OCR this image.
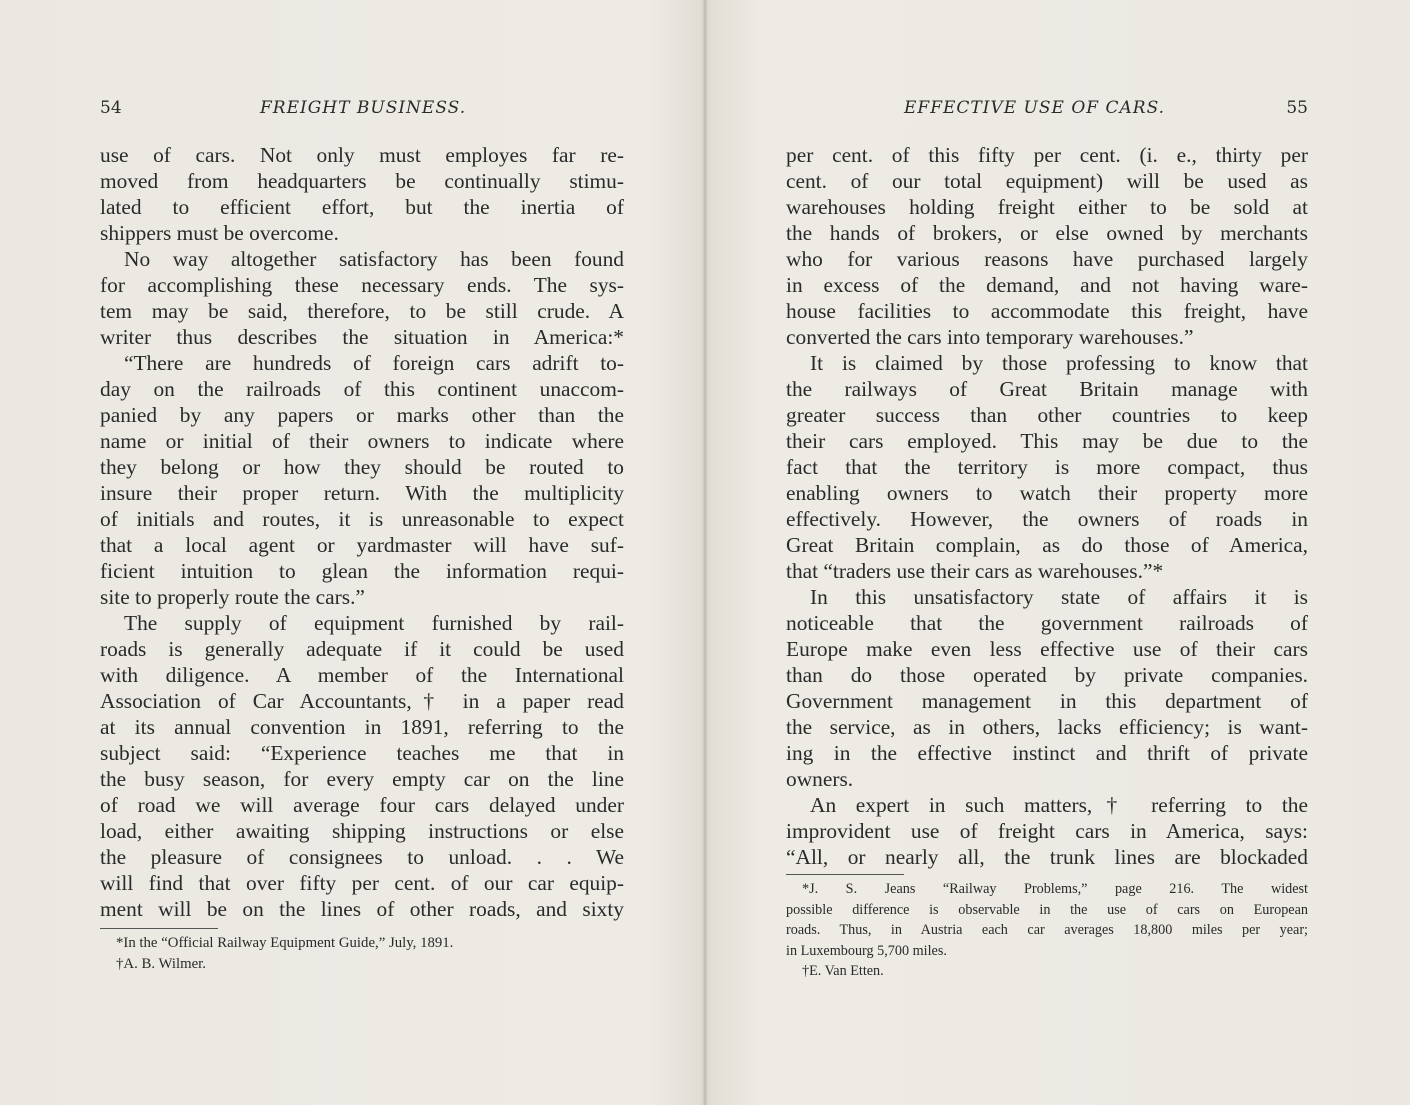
54	FREIGHT BUSINESS.
use of cars. Not only must employes far re-
moved from headquarters be continually stimu-
lated to efficient effort, but the inertia of
shippers must be overcome.
No way altogether satisfactory has been found
for accomplishing these necessary ends. The sys-
tem may be said, therefore, to be still crude. A
writer thus describes the situation in America:*
“There are hundreds of foreign cars adrift to-
day on the railroads of this continent unaccom-
panied by any papers or marks other than the
name or initial of their owners to indicate where
they belong or how they should be routed to
insure their proper return. With the multiplicity
of initials and routes, it is unreasonable to expect
that a local agent or yardmaster will have suf-
ficient intuition to glean the information requi-
site to properly route the cars.”
The supply of equipment furnished by rail-
roads is generally adequate if it could be used
with diligence. A member of the International
Association of Car Accountants,† in a paper read
at its annual convention in 1891, referring to the
subject said: “Experience teaches me that in
the busy season, for every empty car on the line
of road we will average four cars delayed under
load, either awaiting shipping instructions or else
the pleasure of consignees to unload. . . We
will find that over fifty per cent. of our car equip-
ment will be on the lines of other roads, and sixty
*In the “Official Railway Equipment Guide,” July, 1891.
†A. B. Wilmer.
EFFECTIVE USE OF CARS.	55
per cent. of this fifty per cent. (i. e., thirty per
cent. of our total equipment) will be used as
warehouses holding freight either to be sold at
the hands of brokers, or else owned by merchants
who for various reasons have purchased largely
in excess of the demand, and not having ware-
house facilities to accommodate this freight, have
converted the cars into temporary warehouses.”
It is claimed by those professing to know that
the railways of Great Britain manage with
greater success than other countries to keep
their cars employed. This may be due to the
fact that the territory is more compact, thus
enabling owners to watch their property more
effectively. However, the owners of roads in
Great Britain complain, as do those of America,
that “traders use their cars as warehouses.”*
In this unsatisfactory state of affairs it is
noticeable that the government railroads of
Europe make even less effective use of their cars
than do those operated by private companies.
Government management in this department of
the service, as in others, lacks efficiency; is want-
ing in the effective instinct and thrift of private
owners.
An expert in such matters,† referring to the
improvident use of freight cars in America, says:
“All, or nearly all, the trunk lines are blockaded
*J. S. Jeans “Railway Problems,” page 216. The widest
possible difference is observable in the use of cars on European
roads. Thus, in Austria each car averages 18,800 miles per year;
in Luxembourg 5,700 miles.
†E. Van Etten.
